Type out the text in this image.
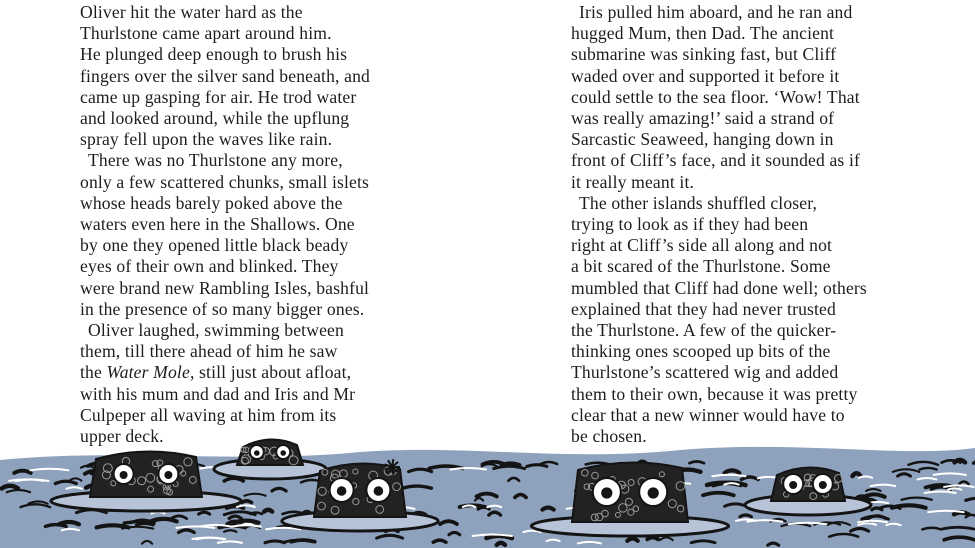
Oliver hit the water hard as the
Thurlstone came apart around him.
He plunged deep enough to brush his
fingers over the silver sand beneath, and
came up gasping for air. He trod water
and looked around, while the upflung
spray fell upon the waves like rain.
There was no Thurlstone any more,
only a few scattered chunks, small islets
whose heads barely poked above the
waters even here in the Shallows. One
by one they opened little black beady
eyes of their own and blinked. They
were brand new Rambling Isles, bashful
in the presence of so many bigger ones.
Oliver laughed, swimming between
them, till there ahead of him he saw
the Water Mole, still just about afloat,
with his mum and dad and Iris and Mr
Culpeper all waving at him from its
upper deck.
Iris pulled him aboard, and he ran and
hugged Mum, then Dad. The ancient
submarine was sinking fast, but Cliff
waded over and supported it before it
could settle to the sea floor. ‘Wow! That
was really amazing!’ said a strand of
Sarcastic Seaweed, hanging down in
front of Cliff’s face, and it sounded as if
it really meant it.
The other islands shuffled closer,
trying to look as if they had been
right at Cliff’s side all along and not
a bit scared of the Thurlstone. Some
mumbled that Cliff had done well; others
explained that they had never trusted
the Thurlstone. A few of the quicker-
thinking ones scooped up bits of the
Thurlstone’s scattered wig and added
them to their own, because it was pretty
clear that a new winner would have to
be chosen.
